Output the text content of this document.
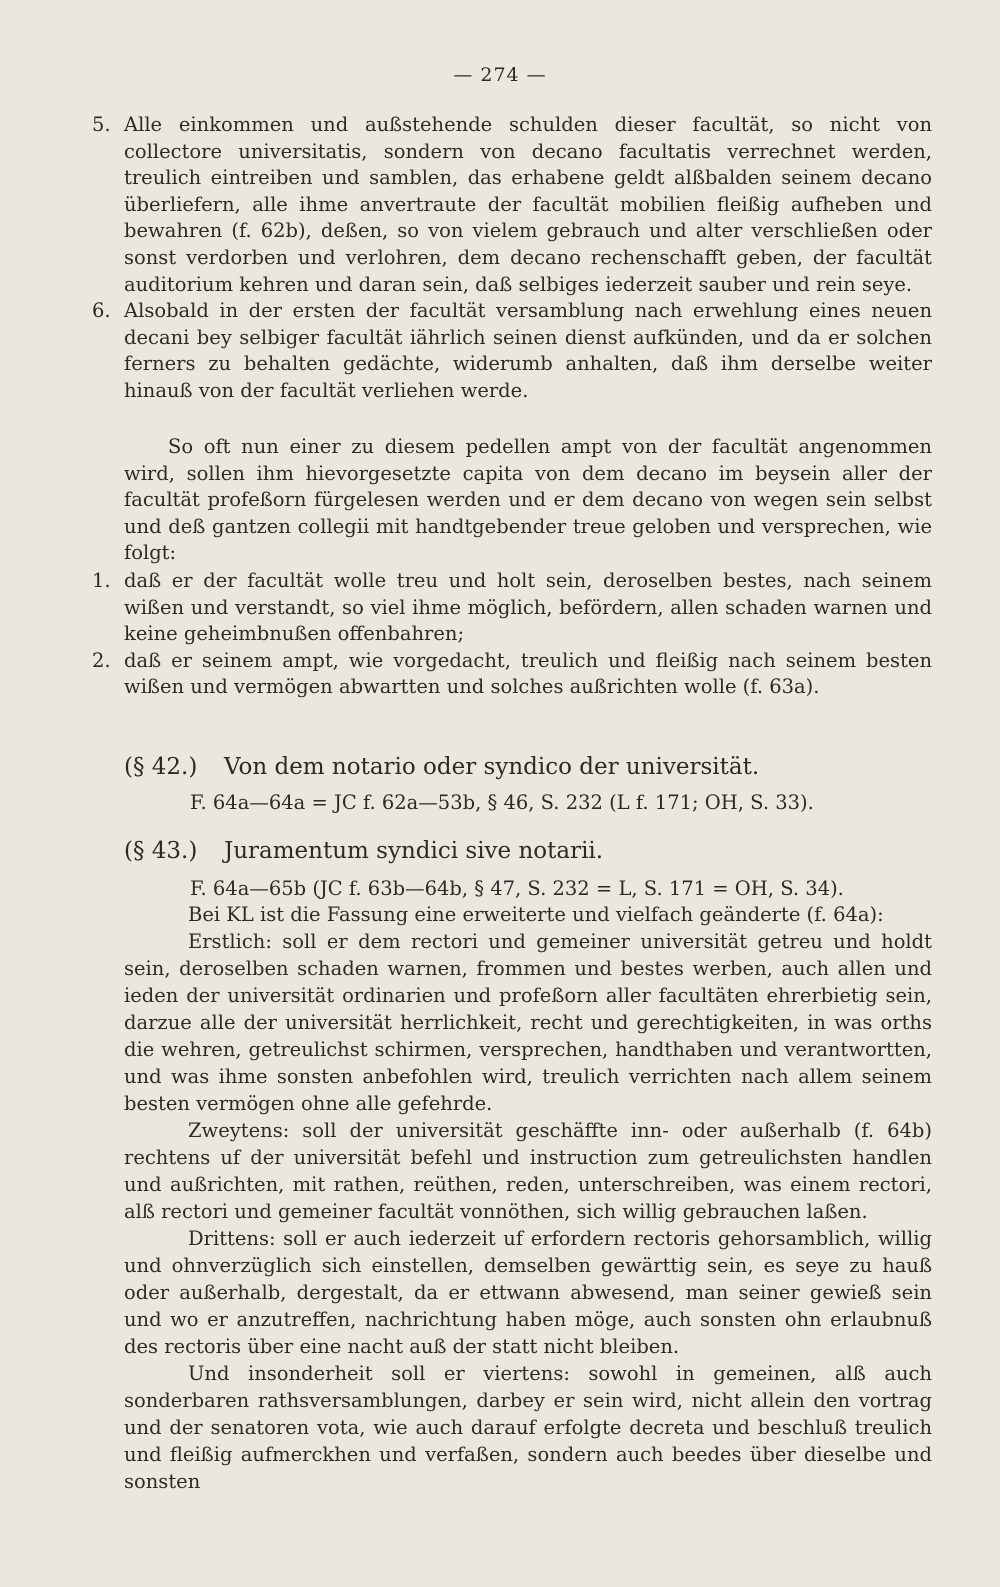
— 274 —
5. Alle einkommen und außstehende schulden dieser facultät, so nicht von collectore universitatis, sondern von decano facultatis verrechnet werden, treulich eintreiben und samblen, das erhabene geldt alßbalden seinem decano überliefern, alle ihme anvertraute der facultät mobilien fleißig aufheben und bewahren (f. 62b), deßen, so von vielem gebrauch und alter verschließen oder sonst verdorben und verlohren, dem decano rechenschafft geben, der facultät auditorium kehren und daran sein, daß selbiges iederzeit sauber und rein seye.
6. Alsobald in der ersten der facultät versamblung nach erwehlung eines neuen decani bey selbiger facultät iährlich seinen dienst aufkünden, und da er solchen ferners zu behalten gedächte, widerumb anhalten, daß ihm derselbe weiter hinauß von der facultät verliehen werde.

So oft nun einer zu diesem pedellen ampt von der facultät angenommen wird, sollen ihm hievorgesetzte capita von dem decano im beysein aller der facultät profeßorn fürgelesen werden und er dem decano von wegen sein selbst und deß gantzen collegii mit handtgebender treue geloben und versprechen, wie folgt:

1. daß er der facultät wolle treu und holt sein, deroselben bestes, nach seinem wißen und verstandt, so viel ihme möglich, befördern, allen schaden warnen und keine geheimbnußen offenbahren;
2. daß er seinem ampt, wie vorgedacht, treulich und fleißig nach seinem besten wißen und vermögen abwartten und solches außrichten wolle (f. 63a).
(§ 42.) Von dem notario oder syndico der universität.
F. 64a—64a = JC f. 62a—53b, § 46, S. 232 (L f. 171; OH, S. 33).
(§ 43.) Juramentum syndici sive notarii.
F. 64a—65b (JC f. 63b—64b, § 47, S. 232 = L, S. 171 = OH, S. 34).

Bei KL ist die Fassung eine erweiterte und vielfach geänderte (f. 64a):

Erstlich: soll er dem rectori und gemeiner universität getreu und holdt sein, deroselben schaden warnen, frommen und bestes werben, auch allen und ieden der universität ordinarien und profeßorn aller facultäten ehrerbietig sein, darzue alle der universität herrlichkeit, recht und gerechtigkeiten, in was orths die wehren, getreulichst schirmen, versprechen, handthaben und verantwortten, und was ihme sonsten anbefohlen wird, treulich verrichten nach allem seinem besten vermögen ohne alle gefehrde.

Zweytens: soll der universität geschäffte inn- oder außerhalb (f. 64b) rechtens uf der universität befehl und instruction zum getreulichsten handlen und außrichten, mit rathen, reüthen, reden, unterschreiben, was einem rectori, alß rectori und gemeiner facultät vonnöthen, sich willig gebrauchen laßen.

Drittens: soll er auch iederzeit uf erfordern rectoris gehorsamblich, willig und ohnverzüglich sich einstellen, demselben gewärttig sein, es seye zu hauß oder außerhalb, dergestalt, da er ettwann abwesend, man seiner gewieß sein und wo er anzutreffen, nachrichtung haben möge, auch sonsten ohn erlaubnuß des rectoris über eine nacht auß der statt nicht bleiben.

Und insonderheit soll er viertens: sowohl in gemeinen, alß auch sonderbaren rathsversamblungen, darbey er sein wird, nicht allein den vortrag und der senatoren vota, wie auch darauf erfolgte decreta und beschluß treulich und fleißig aufmerckhen und verfaßen, sondern auch beedes über dieselbe und sonsten
